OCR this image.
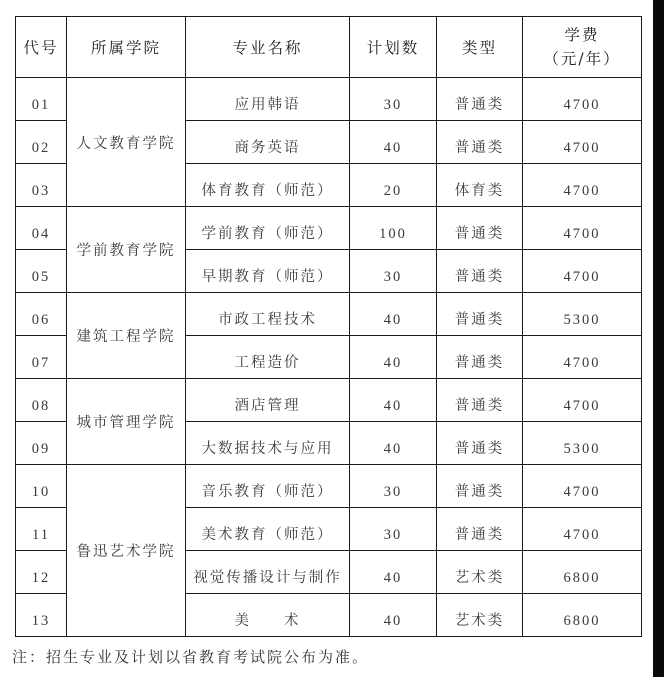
代号	所属学院	专业名称	计划数	类型	学费
（元/年）

01	人文教育学院	应用韩语	30	普通类	4700
02		商务英语	40	普通类	4700
03		体育教育（师范）	20	体育类	4700
04	学前教育学院	学前教育（师范）	100	普通类	4700
05		早期教育（师范）	30	普通类	4700
06	建筑工程学院	市政工程技术	40	普通类	5300
07		工程造价	40	普通类	4700
08	城市管理学院	酒店管理	40	普通类	4700
09		大数据技术与应用	40	普通类	5300
10	鲁迅艺术学院	音乐教育（师范）	30	普通类	4700
11		美术教育（师范）	30	普通类	4700
12		视觉传播设计与制作	40	艺术类	6800
13		美　　术	40	艺术类	6800
注：招生专业及计划以省教育考试院公布为准。
